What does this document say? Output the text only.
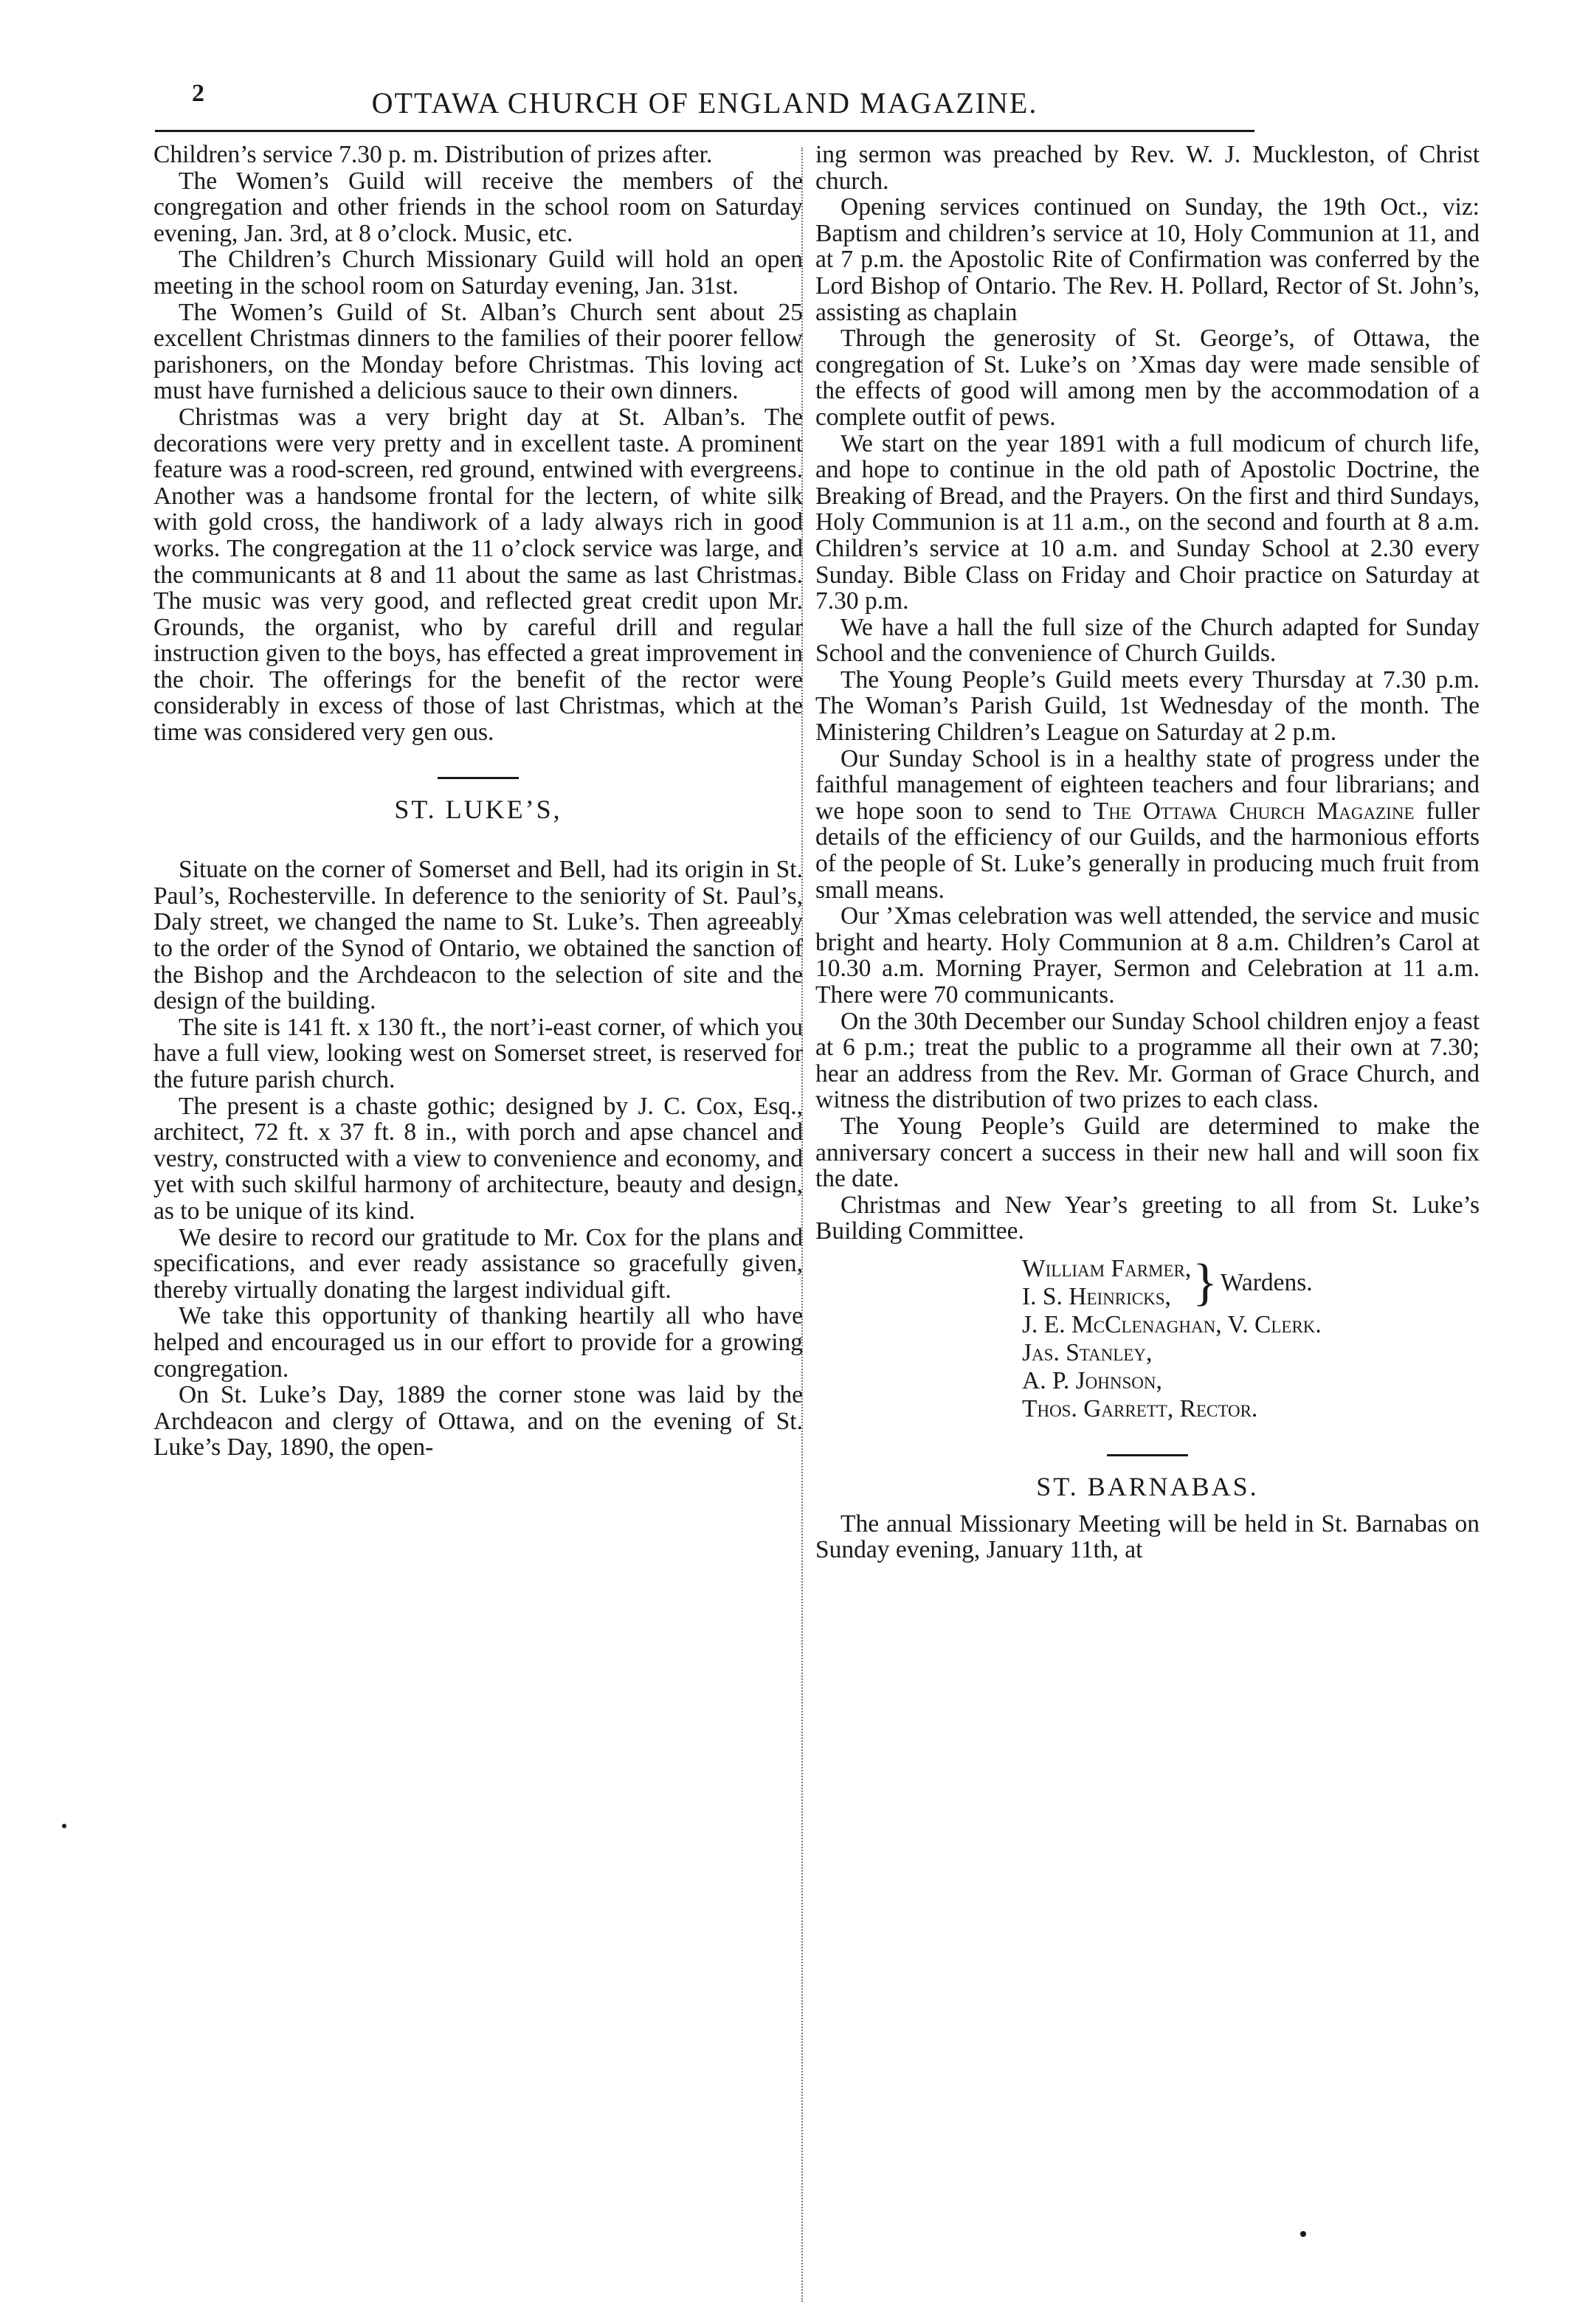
2	OTTAWA CHURCH OF ENGLAND MAGAZINE.

Children’s service 7.30 p. m. Distribution of prizes after.

The Women’s Guild will receive the members of the congregation and other friends in the school room on Saturday evening, Jan. 3rd, at 8 o’clock. Music, etc.

The Children’s Church Missionary Guild will hold an open meeting in the school room on Saturday evening, Jan. 31st.

The Women’s Guild of St. Alban’s Church sent about 25 excellent Christmas dinners to the families of their poorer fellow parishoners, on the Monday before Christmas. This loving act must have furnished a delicious sauce to their own dinners.

Christmas was a very bright day at St. Alban’s. The decorations were very pretty and in excellent taste. A prominent feature was a rood-screen, red ground, entwined with evergreens. Another was a handsome frontal for the lectern, of white silk with gold cross, the handiwork of a lady always rich in good works. The congregation at the 11 o’clock service was large, and the communicants at 8 and 11 about the same as last Christmas. The music was very good, and reflected great credit upon Mr. Grounds, the organist, who by careful drill and regular instruction given to the boys, has effected a great improvement in the choir. The offerings for the benefit of the rector were considerably in excess of those of last Christmas, which at the time was considered very gen ous.

ST. LUKE’S,

Situate on the corner of Somerset and Bell, had its origin in St. Paul’s, Rochesterville. In deference to the seniority of St. Paul’s, Daly street, we changed the name to St. Luke’s. Then agreeably to the order of the Synod of Ontario, we obtained the sanction of the Bishop and the Archdeacon to the selection of site and the design of the building.

The site is 141 ft. x 130 ft., the nort’i-east corner, of which you have a full view, looking west on Somerset street, is reserved for the future parish church.

The present is a chaste gothic; designed by J. C. Cox, Esq., architect, 72 ft. x 37 ft. 8 in., with porch and apse chancel and vestry, constructed with a view to convenience and economy, and yet with such skilful harmony of architecture, beauty and design, as to be unique of its kind.

We desire to record our gratitude to Mr. Cox for the plans and specifications, and ever ready assistance so gracefully given, thereby virtually donating the largest individual gift.

We take this opportunity of thanking heartily all who have helped and encouraged us in our effort to provide for a growing congregation.

On St. Luke’s Day, 1889 the corner stone was laid by the Archdeacon and clergy of Ottawa, and on the evening of St. Luke’s Day, 1890, the open-

ing sermon was preached by Rev. W. J. Muckleston, of Christ church.

Opening services continued on Sunday, the 19th Oct., viz: Baptism and children’s service at 10, Holy Communion at 11, and at 7 p.m. the Apostolic Rite of Confirmation was conferred by the Lord Bishop of Ontario. The Rev. H. Pollard, Rector of St. John’s, assisting as chaplain

Through the generosity of St. George’s, of Ottawa, the congregation of St. Luke’s on ’Xmas day were made sensible of the effects of good will among men by the accommodation of a complete outfit of pews.

We start on the year 1891 with a full modicum of church life, and hope to continue in the old path of Apostolic Doctrine, the Breaking of Bread, and the Prayers. On the first and third Sundays, Holy Communion is at 11 a.m., on the second and fourth at 8 a.m. Children’s service at 10 a.m. and Sunday School at 2.30 every Sunday. Bible Class on Friday and Choir practice on Saturday at 7.30 p.m.

We have a hall the full size of the Church adapted for Sunday School and the convenience of Church Guilds.

The Young People’s Guild meets every Thursday at 7.30 p.m. The Woman’s Parish Guild, 1st Wednesday of the month. The Ministering Children’s League on Saturday at 2 p.m.

Our Sunday School is in a healthy state of progress under the faithful management of eighteen teachers and four librarians; and we hope soon to send to The Ottawa Church Magazine fuller details of the efficiency of our Guilds, and the harmonious efforts of the people of St. Luke’s generally in producing much fruit from small means.

Our ’Xmas celebration was well attended, the service and music bright and hearty. Holy Communion at 8 a.m. Children’s Carol at 10.30 a.m. Morning Prayer, Sermon and Celebration at 11 a.m. There were 70 communicants.

On the 30th December our Sunday School children enjoy a feast at 6 p.m.; treat the public to a programme all their own at 7.30; hear an address from the Rev. Mr. Gorman of Grace Church, and witness the distribution of two prizes to each class.

The Young People’s Guild are determined to make the anniversary concert a success in their new hall and will soon fix the date.

Christmas and New Year’s greeting to all from St. Luke’s Building Committee.

William Farmer,
I. S. Heinricks, } Wardens.
J. E. McClenaghan, V. Clerk.
Jas. Stanley,
A. P. Johnson,
Thos. Garrett, Rector.
ST. BARNABAS.

The annual Missionary Meeting will be held in St. Barnabas on Sunday evening, January 11th, at
